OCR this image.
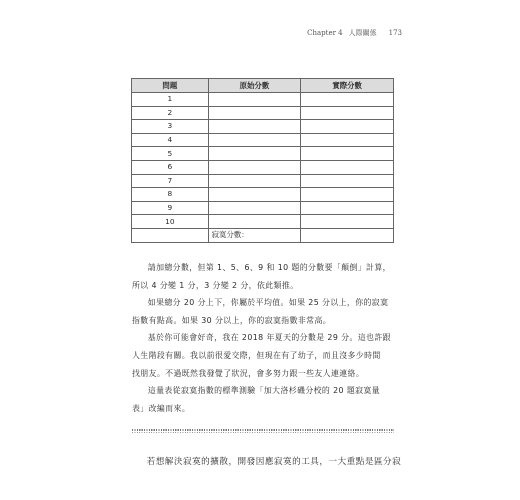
Chapter 4 人際關係 173
問題	原始分數	實際分數
1		
2		
3		
4		
5		
6		
7		
8		
9		
10		
	寂寞分數：	

請加總分數，但第 1、5、6、9 和 10 題的分數要「顛倒」計算，

所以 4 分變 1 分，3 分變 2 分，依此類推。

如果總分 20 分上下，你屬於平均值。如果 25 分以上，你的寂寞

指數有點高。如果 30 分以上，你的寂寞指數非常高。

基於你可能會好奇，我在 2018 年夏天的分數是 29 分。這也許跟

人生階段有關。我以前很愛交際，但現在有了幼子，而且沒多少時間

找朋友。不過既然我發覺了狀況，會多努力跟一些友人連連絡。

這量表從寂寞指數的標準測驗「加大洛杉磯分校的 20 題寂寞量

表」改編而來。

若想解決寂寞的擴散，開發因應寂寞的工具，一大重點是區分寂
